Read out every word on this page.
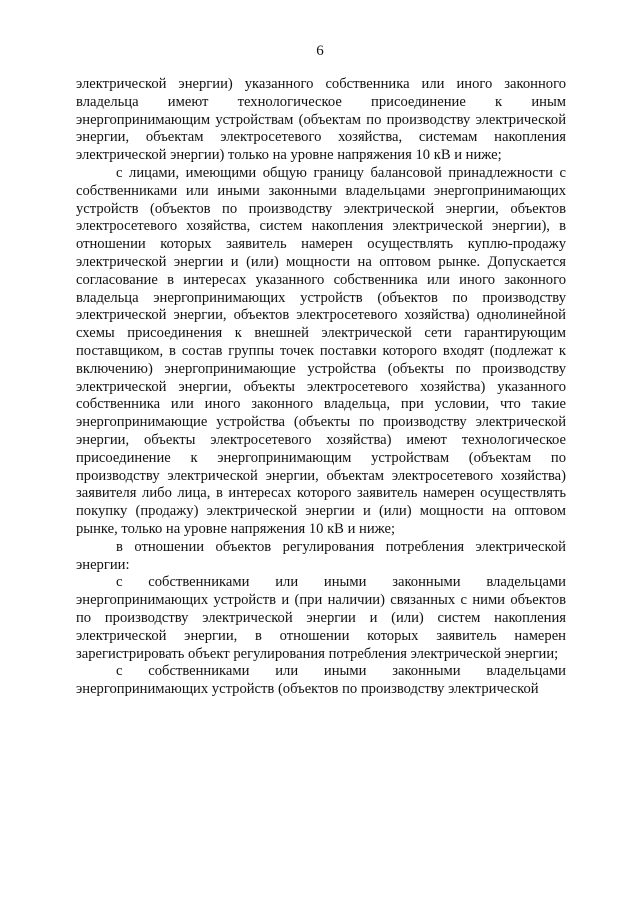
6

электрической энергии) указанного собственника или иного законного владельца имеют технологическое присоединение к иным энергопринимающим устройствам (объектам по производству электрической энергии, объектам электросетевого хозяйства, системам накопления электрической энергии) только на уровне напряжения 10 кВ и ниже;

с лицами, имеющими общую границу балансовой принадлежности с собственниками или иными законными владельцами энергопринимающих устройств (объектов по производству электрической энергии, объектов электросетевого хозяйства, систем накопления электрической энергии), в отношении которых заявитель намерен осуществлять куплю-продажу электрической энергии и (или) мощности на оптовом рынке. Допускается согласование в интересах указанного собственника или иного законного владельца энергопринимающих устройств (объектов по производству электрической энергии, объектов электросетевого хозяйства) однолинейной схемы присоединения к внешней электрической сети гарантирующим поставщиком, в состав группы точек поставки которого входят (подлежат к включению) энергопринимающие устройства (объекты по производству электрической энергии, объекты электросетевого хозяйства) указанного собственника или иного законного владельца, при условии, что такие энергопринимающие устройства (объекты по производству электрической энергии, объекты электросетевого хозяйства) имеют технологическое присоединение к энергопринимающим устройствам (объектам по производству электрической энергии, объектам электросетевого хозяйства) заявителя либо лица, в интересах которого заявитель намерен осуществлять покупку (продажу) электрической энергии и (или) мощности на оптовом рынке, только на уровне напряжения 10 кВ и ниже;

в отношении объектов регулирования потребления электрической энергии:

с собственниками или иными законными владельцами энергопринимающих устройств и (при наличии) связанных с ними объектов по производству электрической энергии и (или) систем накопления электрической энергии, в отношении которых заявитель намерен зарегистрировать объект регулирования потребления электрической энергии;

с собственниками или иными законными владельцами энергопринимающих устройств (объектов по производству электрической
